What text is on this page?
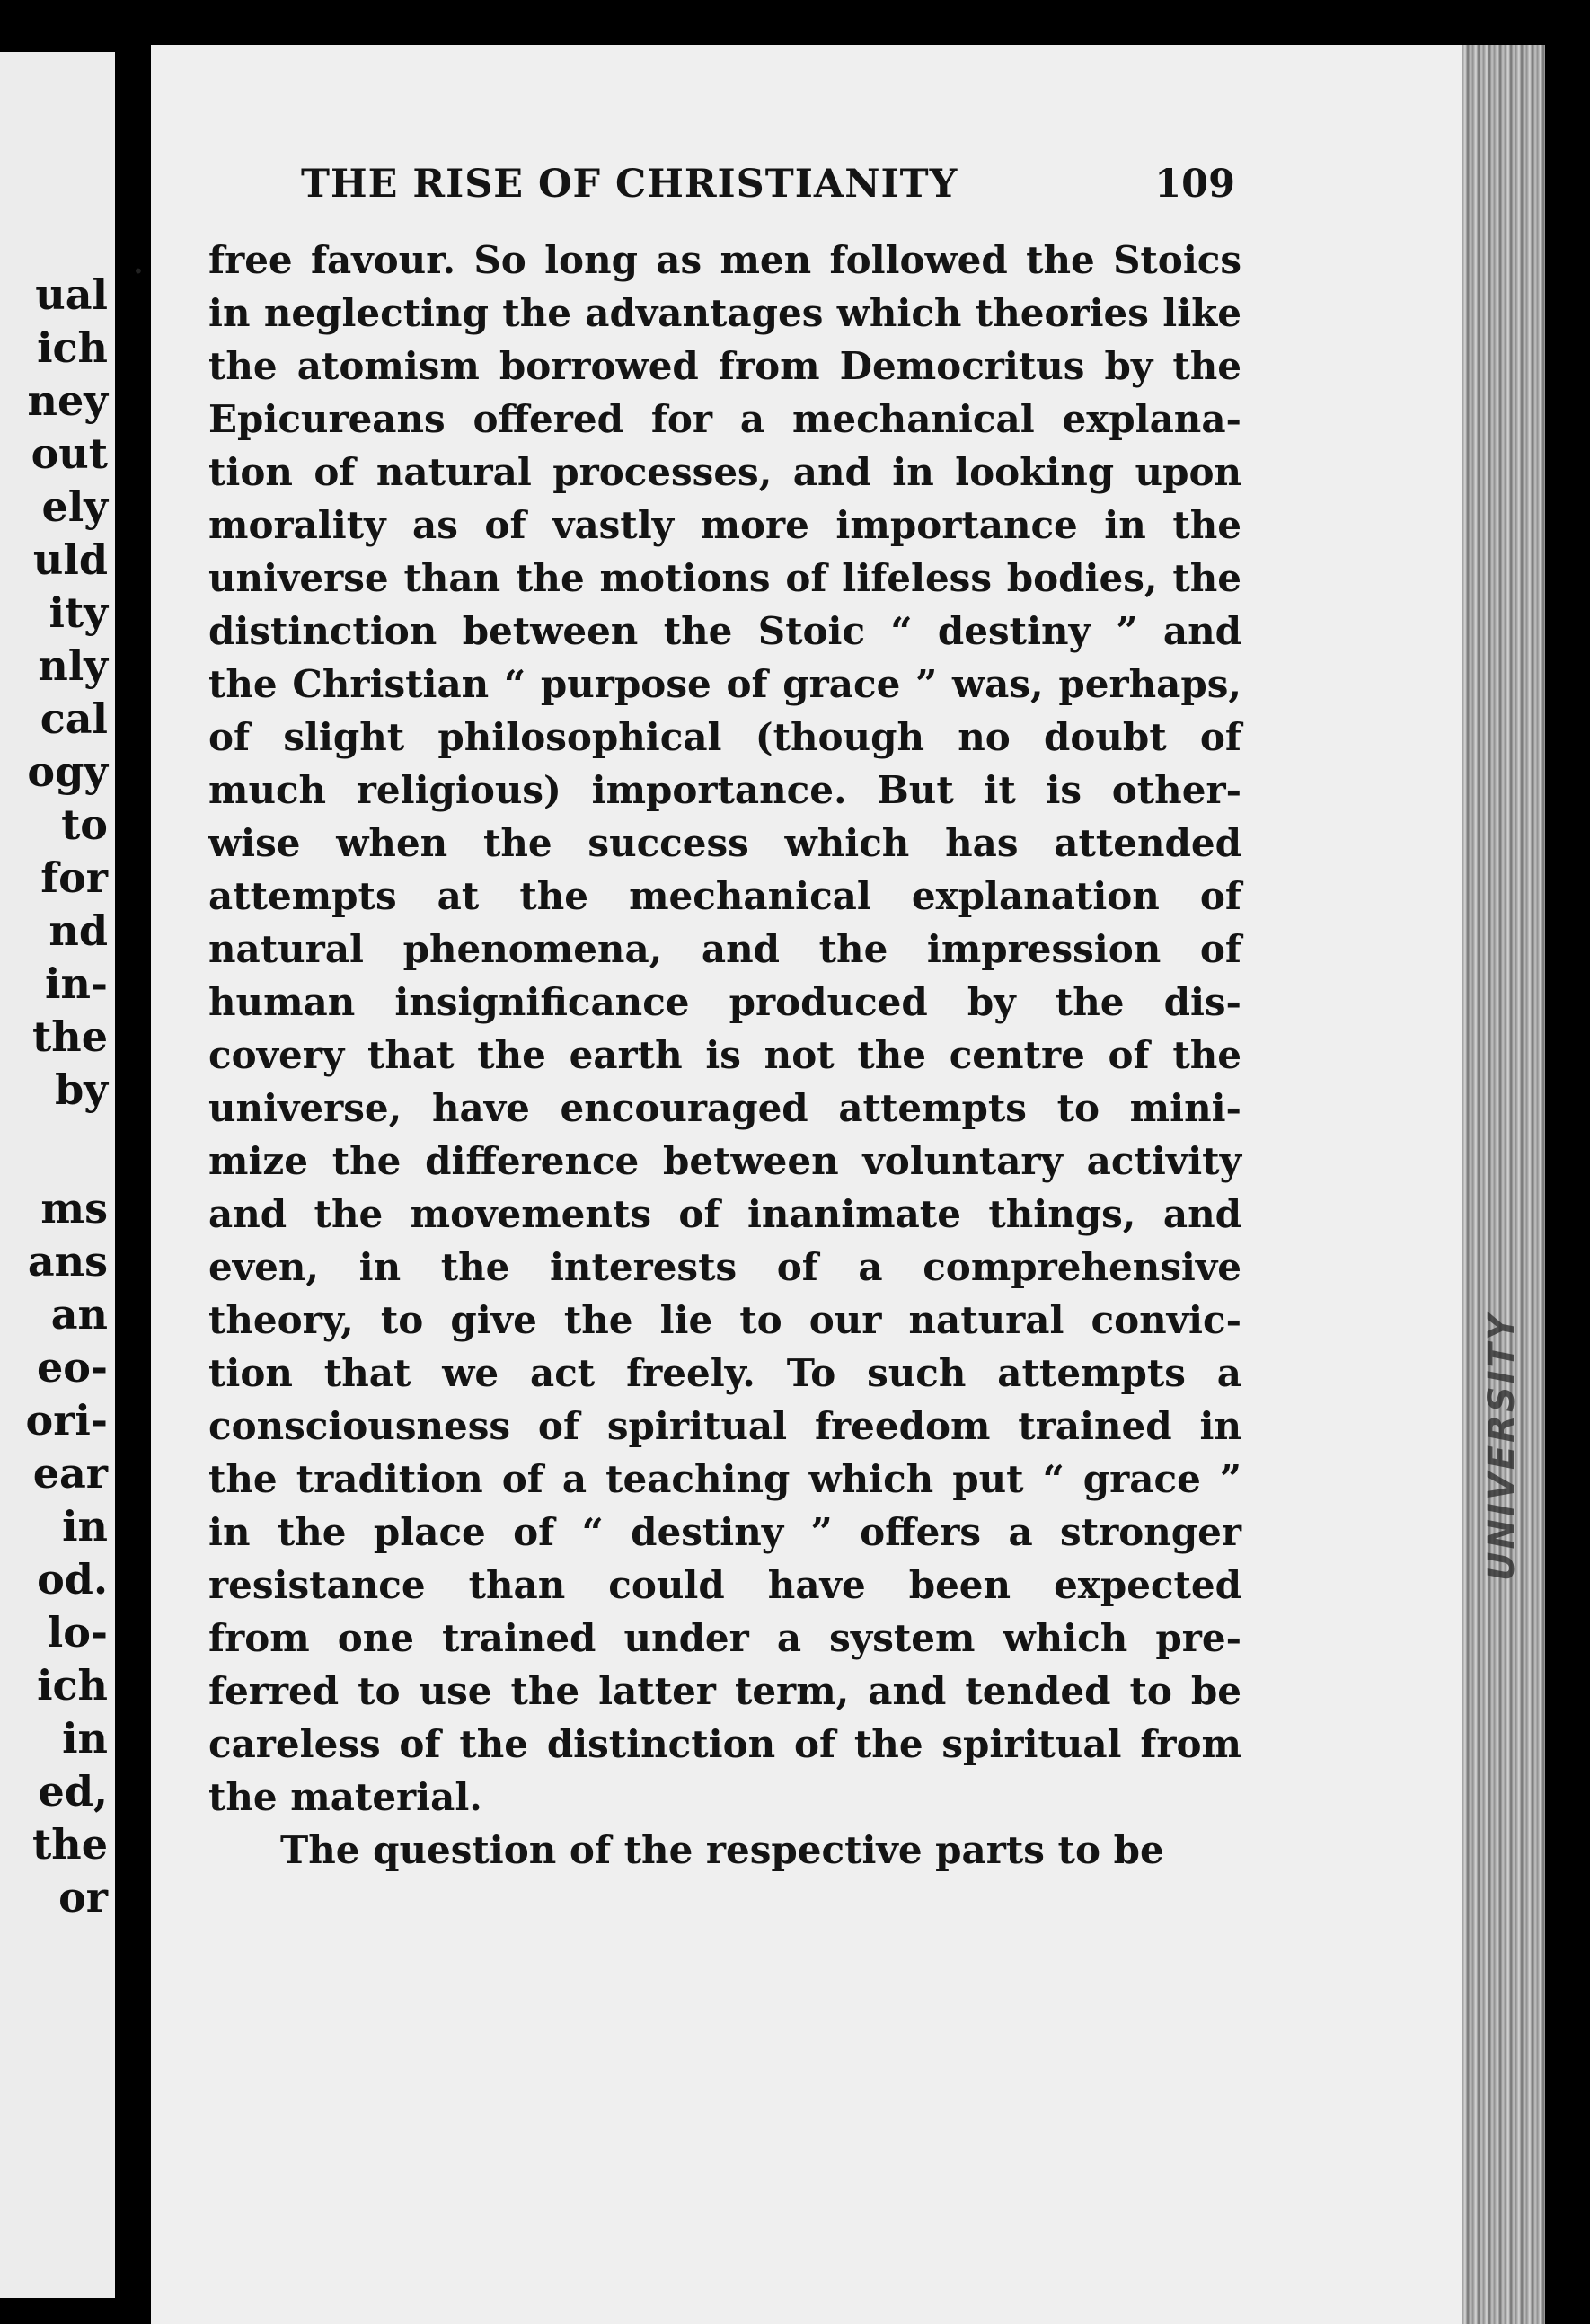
ual
ich
ney
out
ely
uld
ity
nly
cal
ogy
to
for
nd
in-
the
by
ms
ans
an
eo-
ori-
ear
in
od.
lo-
ich
in
ed,
the
or
THE RISE OF CHRISTIANITY	109
• free favour. So long as men followed the Stoics
in neglecting the advantages which theories like
the atomism borrowed from Democritus by the
Epicureans offered for a mechanical explana-
tion of natural processes, and in looking upon
morality as of vastly more importance in the
universe than the motions of lifeless bodies, the
distinction between the Stoic “ destiny ” and
the Christian “ purpose of grace ” was, perhaps,
of slight philosophical (though no doubt of
much religious) importance. But it is other-
wise when the success which has attended
attempts at the mechanical explanation of
natural phenomena, and the impression of
human insignificance produced by the dis-
covery that the earth is not the centre of the
universe, have encouraged attempts to mini-
mize the difference between voluntary activity
and the movements of inanimate things, and
even, in the interests of a comprehensive
theory, to give the lie to our natural convic-
tion that we act freely. To such attempts a
consciousness of spiritual freedom trained in
the tradition of a teaching which put “ grace ”
in the place of “ destiny ” offers a stronger
resistance than could have been expected
from one trained under a system which pre-
ferred to use the latter term, and tended to be
careless of the distinction of the spiritual from
the material.
The question of the respective parts to be
UNIVERSITY
